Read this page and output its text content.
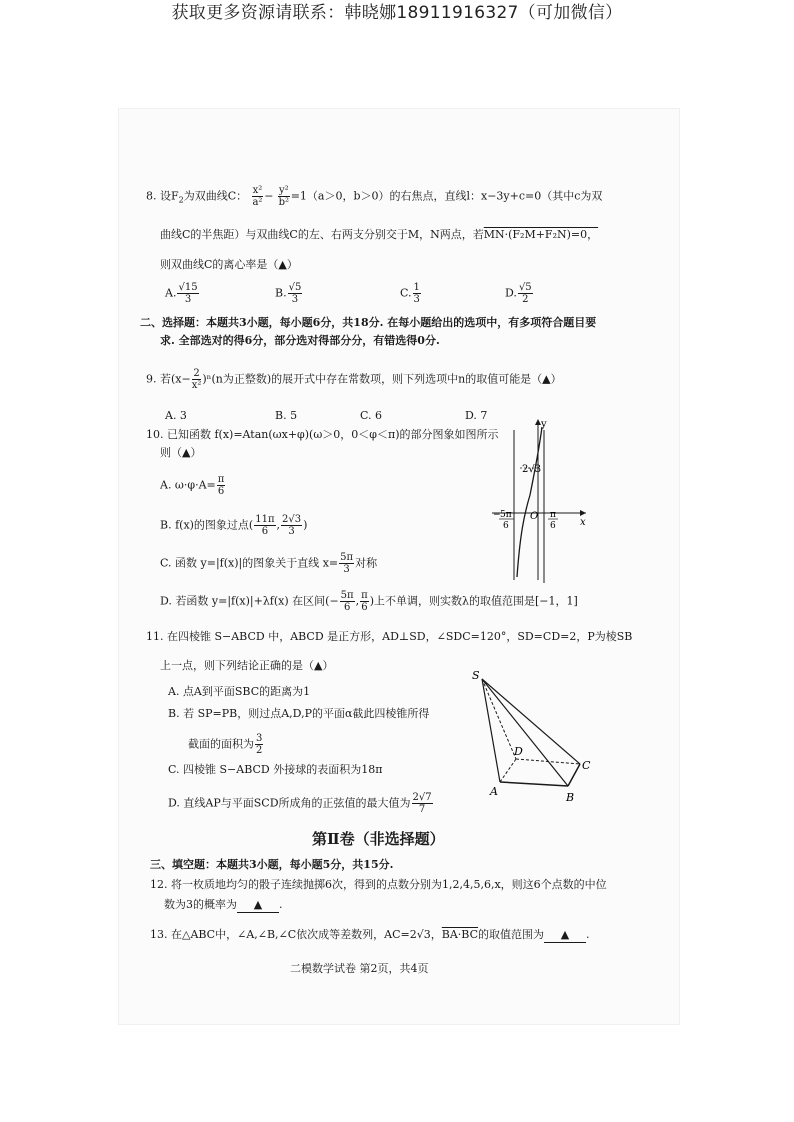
获取更多资源请联系：韩晓娜18911916327（可加微信）
8. 设$F_2$为双曲线C： $\frac{\text{x²}}{\text{a²}} - \frac{\text{y²}}{\text{b²}} =1(a>0$，b＞0）的右焦点，直线l：x−3y+c=0（其中c为双
曲线C的半焦距）与双曲线C的左、右两支分别交于M，N两点，若MN·(F₂M+F₂N)=0，
则双曲线C的离心率是（▲）
A. $\frac{√15}{3}$	B. $\frac{√5}{3}$	C. $\frac{1}{3}$	D. $\frac{√5}{2}$
二、选择题：本题共3小题，每小题6分，共18分. 在每小题给出的选项中，有多项符合题目要
求. 全部选对的得6分，部分选对得部分分，有错选得0分.
9. 若$(x- \frac{2}{\text{x²}} )^n(n$为正整数)的展开式中存在常数项，则下列选项中n的取值可能是（▲）
A. 3	B. 5	C. 6	D. 7
10. 已知函数 f(x)=Atan(ωx+φ)(ω＞0，0＜φ＜π)的部分图象如图所示
则（▲）
A. $\omega\cdot\varphi\cdot A= \frac{\pi}{6}$
B. f(x)的图象过点( $\frac{11\pi}{6}$ , $\frac{2√3}{3}$ )
C. 函数 y=|f(x)|的图象关于直线 $x= \frac{5\pi}{3}$ 对称
D. 若函数 y=|f(x)|+λf(x) 在区间(− $\frac{5\pi}{6}$ , $\frac{\pi}{6}$ )上不单调，则实数λ的取值范围是[−1，1]
y
x
O
2√3
− 5π
6
π
6
11. 在四棱锥 S−ABCD 中，ABCD 是正方形，AD⊥SD，∠SDC=120°，SD=CD=2，P为棱SB
上一点，则下列结论正确的是（▲）
A. 点A到平面SBC的距离为1
B. 若 SP=PB，则过点A,D,P的平面α截此四棱锥所得
截面的面积为 $\frac{3}{2}$
C. 四棱锥 S−ABCD 外接球的表面积为18π
D. 直线AP与平面SCD所成角的正弦值的最大值为 $\frac{2√7}{7}$
S
D
C
A	B
第Ⅱ卷（非选择题）
三、填空题：本题共3小题，每小题5分，共15分.
12. 将一枚质地均匀的骰子连续抛掷6次，得到的点数分别为1,2,4,5,6,x，则这6个点数的中位
数为3的概率为 ▲ .
13. 在△ABC中，∠A,∠B,∠C依次成等差数列，AC=2√3，BA·BC的取值范围为 ▲ .
二模数学试卷 第2页，共4页
